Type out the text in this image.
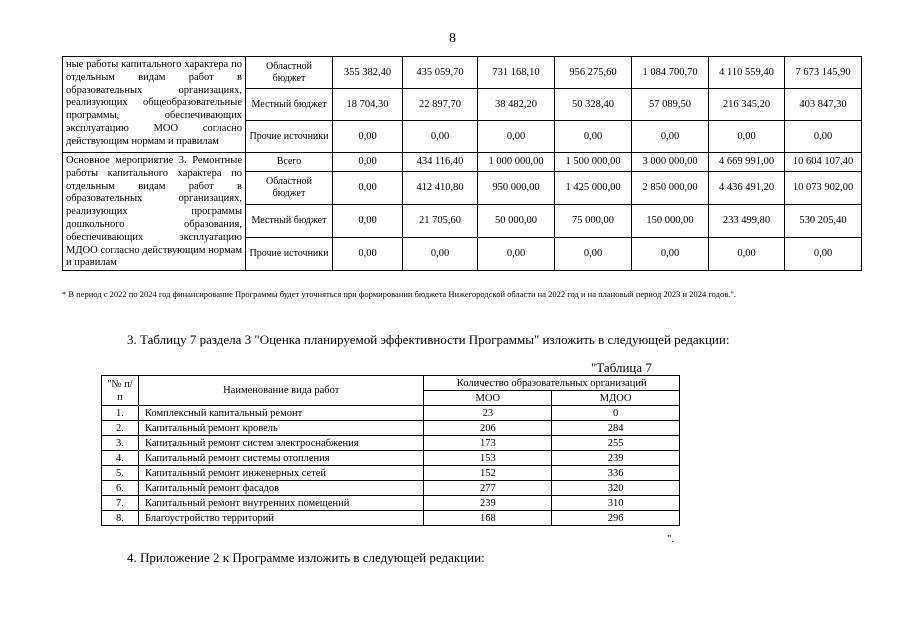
8
ные работы капитального характера по отдельным видам работ в образовательных организациях, реализующих общеобразовательные программы, обеспечивающих эксплуатацию МОО согласно действующим нормам и правилам	Областной бюджет	355 382,40	435 059,70	731 168,10	956 275,60	1 084 700,70	4 110 559,40	7 673 145,90
	Местный бюджет	18 704,30	22 897,70	38 482,20	50 328,40	57 089,50	216 345,20	403 847,30
	Прочие источники	0,00	0,00	0,00	0,00	0,00	0,00	0,00
Основное мероприятие 3. Ремонтные работы капитального характера по отдельным видам работ в образовательных организациях, реализующих программы дошкольного образования, обеспечивающих эксплуатацию МДОО согласно действующим нормам и правилам	Всего	0,00	434 116,40	1 000 000,00	1 500 000,00	3 000 000,00	4 669 991,00	10 604 107,40
	Областной бюджет	0,00	412 410,80	950 000,00	1 425 000,00	2 850 000,00	4 436 491,20	10 073 902,00
	Местный бюджет	0,00	21 705,60	50 000,00	75 000,00	150 000,00	233 499,80	530 205,40
	Прочие источники	0,00	0,00	0,00	0,00	0,00	0,00	0,00
* В период с 2022 по 2024 год финансирование Программы будет уточняться при формировании бюджета Нижегородской области на 2022 год и на плановый период 2023 и 2024 годов.".
3. Таблицу 7 раздела 3 "Оценка планируемой эффективности Программы" изложить в следующей редакции:
"Таблица 7
"№ п/п	Наименование вида работ	Количество образовательных организаций	
		МОО	МДОО
1.	Комплексный капитальный ремонт	23	0
2.	Капитальный ремонт кровель	206	284
3.	Капитальный ремонт систем электроснабжения	173	255
4.	Капитальный ремонт системы отопления	153	239
5.	Капитальный ремонт инженерных сетей	152	336
6.	Капитальный ремонт фасадов	277	320
7.	Капитальный ремонт внутренних помещений	239	310
8.	Благоустройство территорий	168	296
".
4. Приложение 2 к Программе изложить в следующей редакции:
